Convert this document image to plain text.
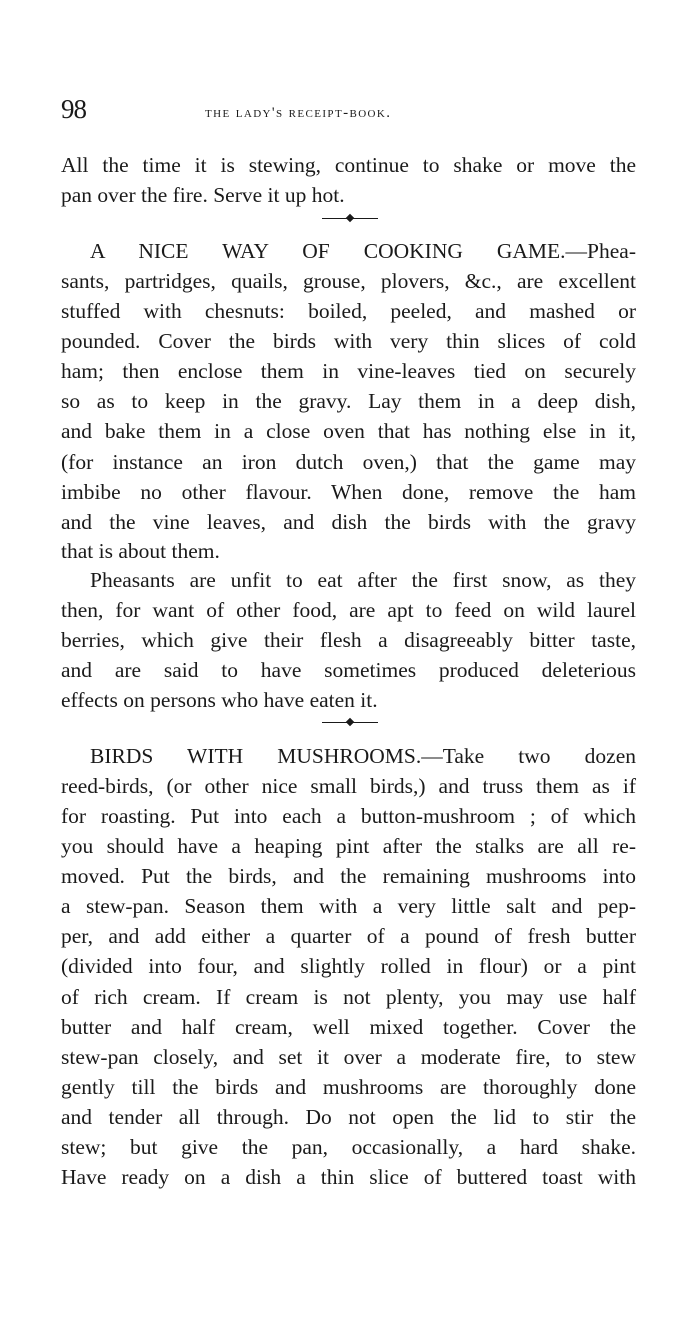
98	the lady's receipt-book.
All the time it is stewing, continue to shake or move the
pan over the fire. Serve it up hot.
A NICE WAY OF COOKING GAME.—Phea-
sants, partridges, quails, grouse, plovers, &c., are excellent
stuffed with chesnuts: boiled, peeled, and mashed or
pounded. Cover the birds with very thin slices of cold
ham; then enclose them in vine-leaves tied on securely
so as to keep in the gravy. Lay them in a deep dish,
and bake them in a close oven that has nothing else in it,
(for instance an iron dutch oven,) that the game may
imbibe no other flavour. When done, remove the ham
and the vine leaves, and dish the birds with the gravy
that is about them.
Pheasants are unfit to eat after the first snow, as they
then, for want of other food, are apt to feed on wild laurel
berries, which give their flesh a disagreeably bitter taste,
and are said to have sometimes produced deleterious
effects on persons who have eaten it.
BIRDS WITH MUSHROOMS.—Take two dozen
reed-birds, (or other nice small birds,) and truss them as if
for roasting. Put into each a button-mushroom ; of which
you should have a heaping pint after the stalks are all re-
moved. Put the birds, and the remaining mushrooms into
a stew-pan. Season them with a very little salt and pep-
per, and add either a quarter of a pound of fresh butter
(divided into four, and slightly rolled in flour) or a pint
of rich cream. If cream is not plenty, you may use half
butter and half cream, well mixed together. Cover the
stew-pan closely, and set it over a moderate fire, to stew
gently till the birds and mushrooms are thoroughly done
and tender all through. Do not open the lid to stir the
stew; but give the pan, occasionally, a hard shake.
Have ready on a dish a thin slice of buttered toast with
